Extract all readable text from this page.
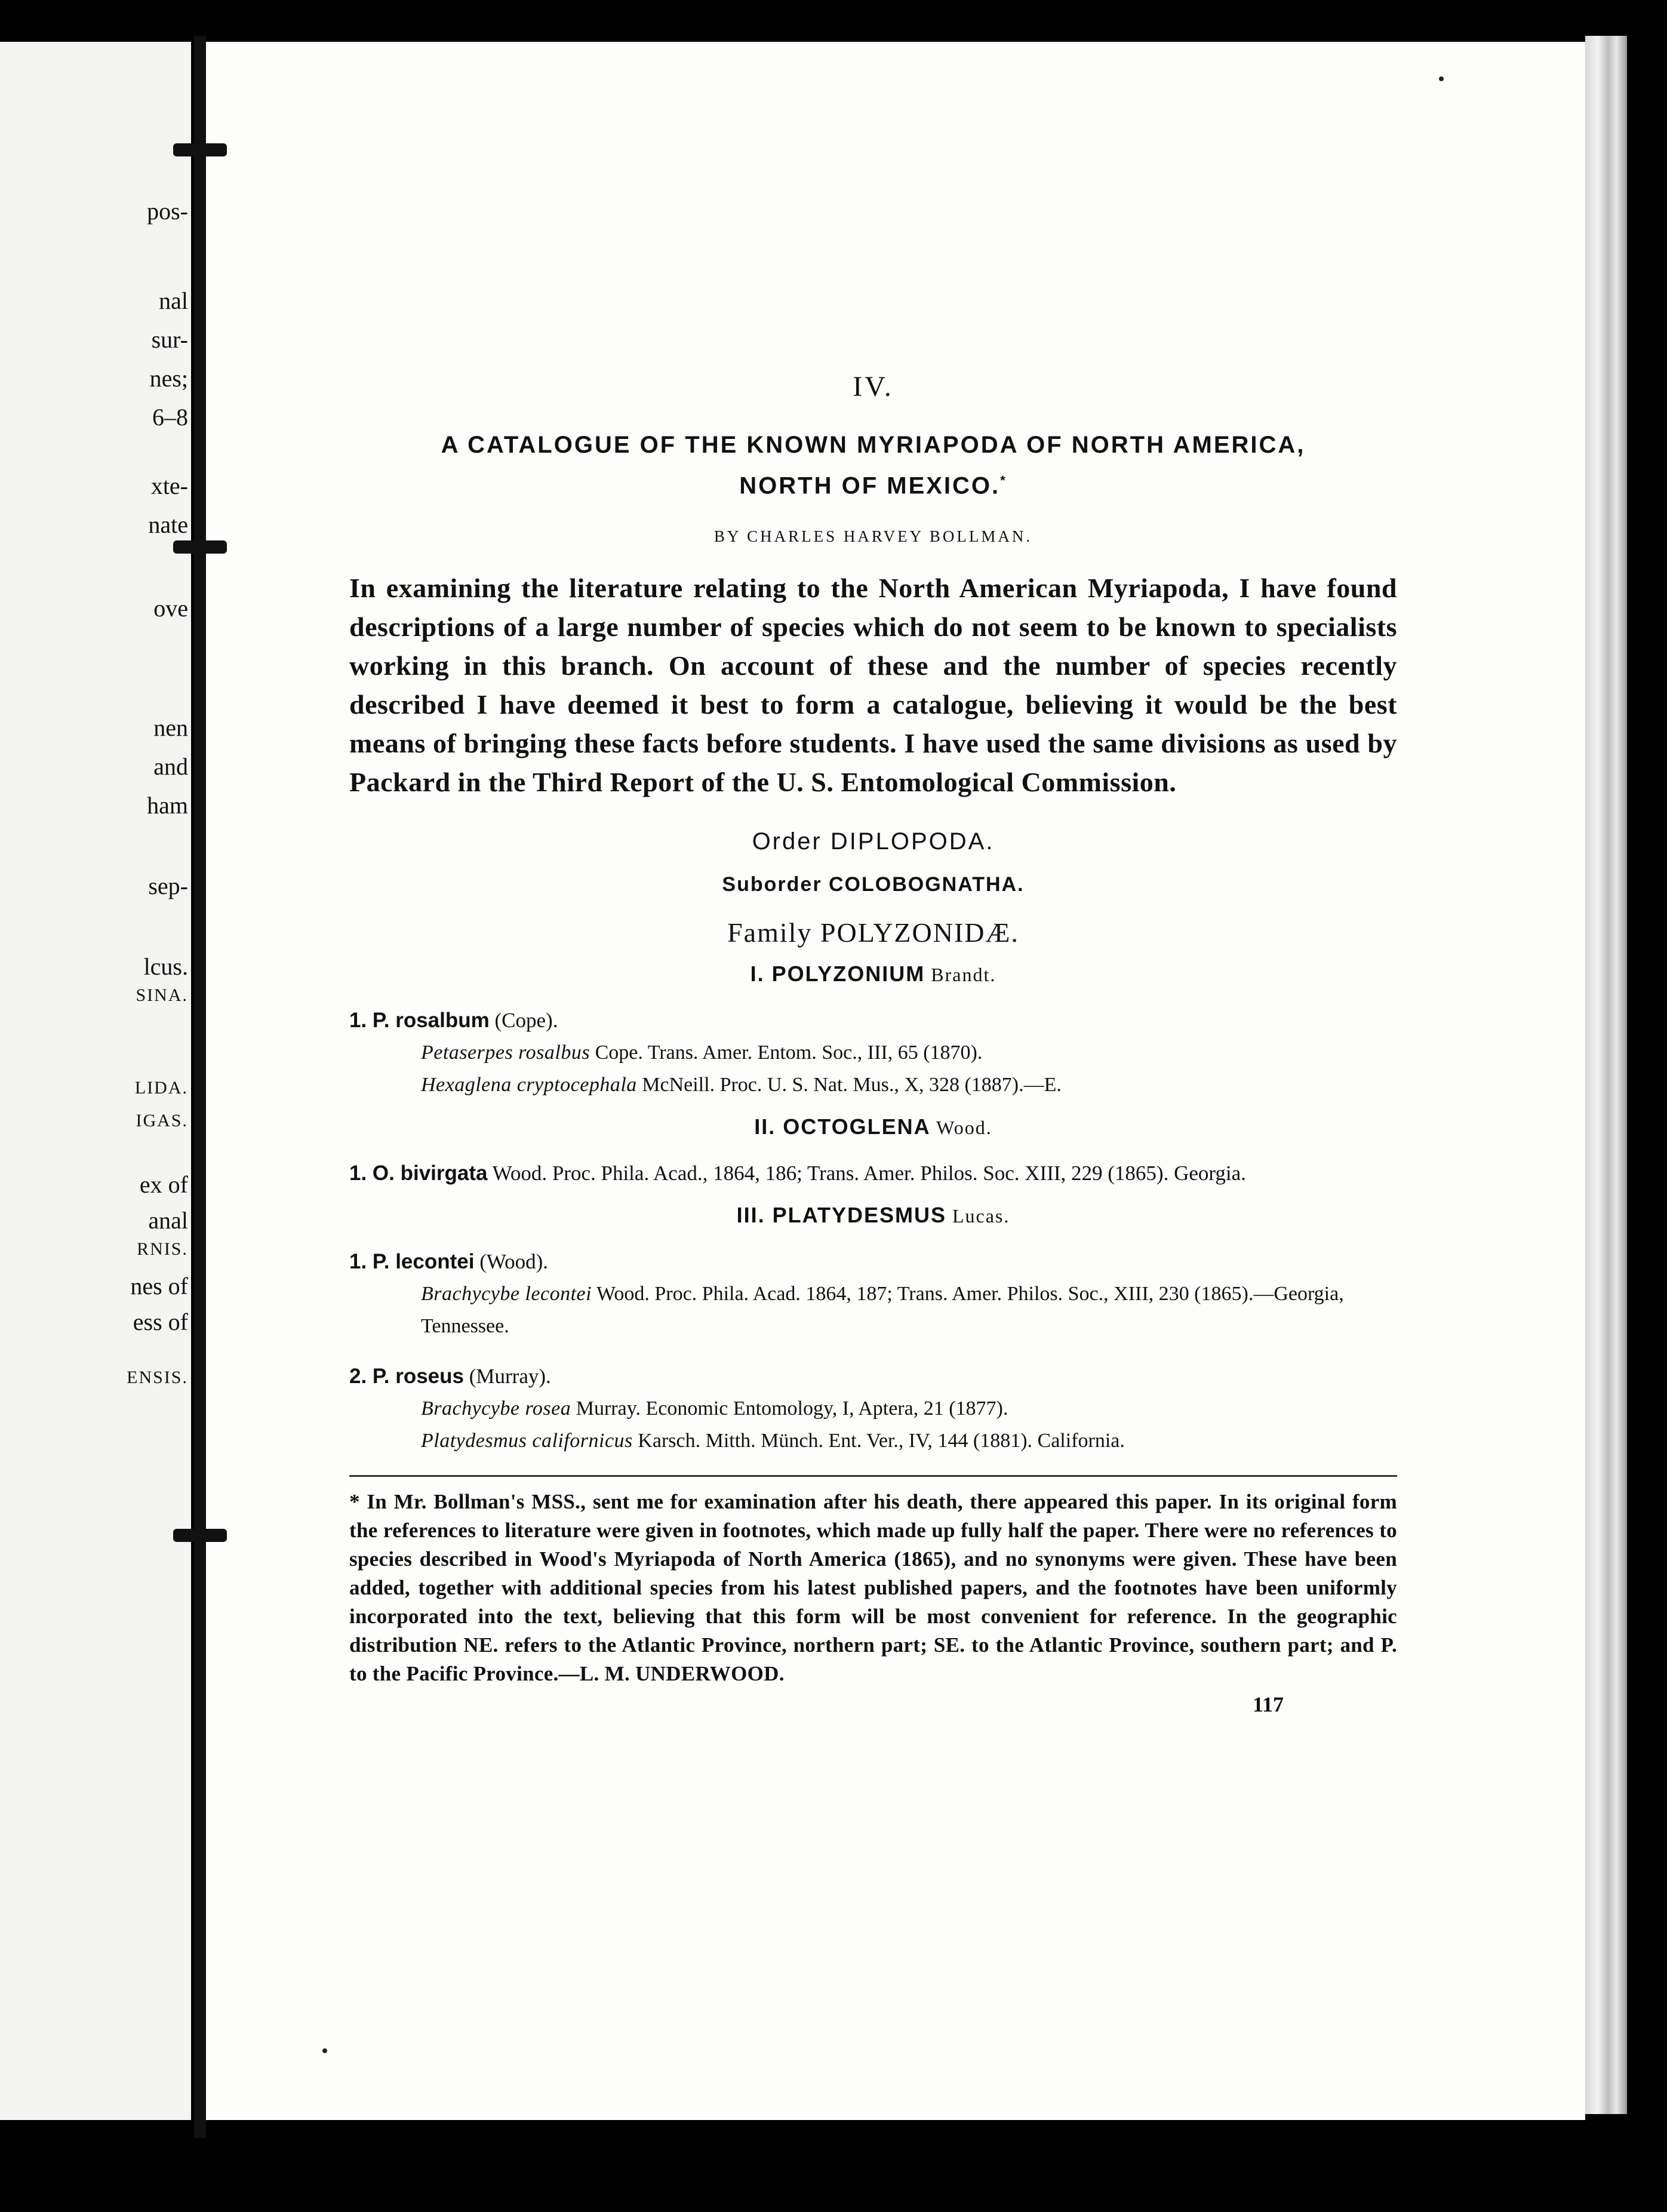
pos-
nal
sur-
nes;
6–8
xte-
nate
ove
nen
and
ham
sep-
lcus.
SINA.
LIDA.
IGAS.
ex of
anal
RNIS.
nes of
ess of
ENSIS.
IV.
A CATALOGUE OF THE KNOWN MYRIAPODA OF NORTH AMERICA,
NORTH OF MEXICO.*
BY CHARLES HARVEY BOLLMAN.
In examining the literature relating to the North American Myriapoda, I have found descriptions of a large number of species which do not seem to be known to specialists working in this branch. On account of these and the number of species recently described I have deemed it best to form a catalogue, believing it would be the best means of bringing these facts before students. I have used the same divisions as used by Packard in the Third Report of the U. S. Entomological Commission.
Order DIPLOPODA.
Suborder COLOBOGNATHA.
Family POLYZONIDÆ.
I. POLYZONIUM Brandt.
1. P. rosalbum (Cope).
Petaserpes rosalbus Cope. Trans. Amer. Entom. Soc., III, 65 (1870).
Hexaglena cryptocephala McNeill. Proc. U. S. Nat. Mus., X, 328 (1887).—E.
II. OCTOGLENA Wood.
1. O. bivirgata Wood. Proc. Phila. Acad., 1864, 186; Trans. Amer. Philos. Soc. XIII, 229 (1865). Georgia.
III. PLATYDESMUS Lucas.
1. P. lecontei (Wood).
Brachycybe lecontei Wood. Proc. Phila. Acad. 1864, 187; Trans. Amer. Philos. Soc., XIII, 230 (1865).—Georgia, Tennessee.
2. P. roseus (Murray).
Brachycybe rosea Murray. Economic Entomology, I, Aptera, 21 (1877).
Platydesmus californicus Karsch. Mitth. Münch. Ent. Ver., IV, 144 (1881). California.
* In Mr. Bollman's MSS., sent me for examination after his death, there appeared this paper. In its original form the references to literature were given in footnotes, which made up fully half the paper. There were no references to species described in Wood's Myriapoda of North America (1865), and no synonyms were given. These have been added, together with additional species from his latest published papers, and the footnotes have been uniformly incorporated into the text, believing that this form will be most convenient for reference. In the geographic distribution NE. refers to the Atlantic Province, northern part; SE. to the Atlantic Province, southern part; and P. to the Pacific Province.—L. M. UNDERWOOD.
117
